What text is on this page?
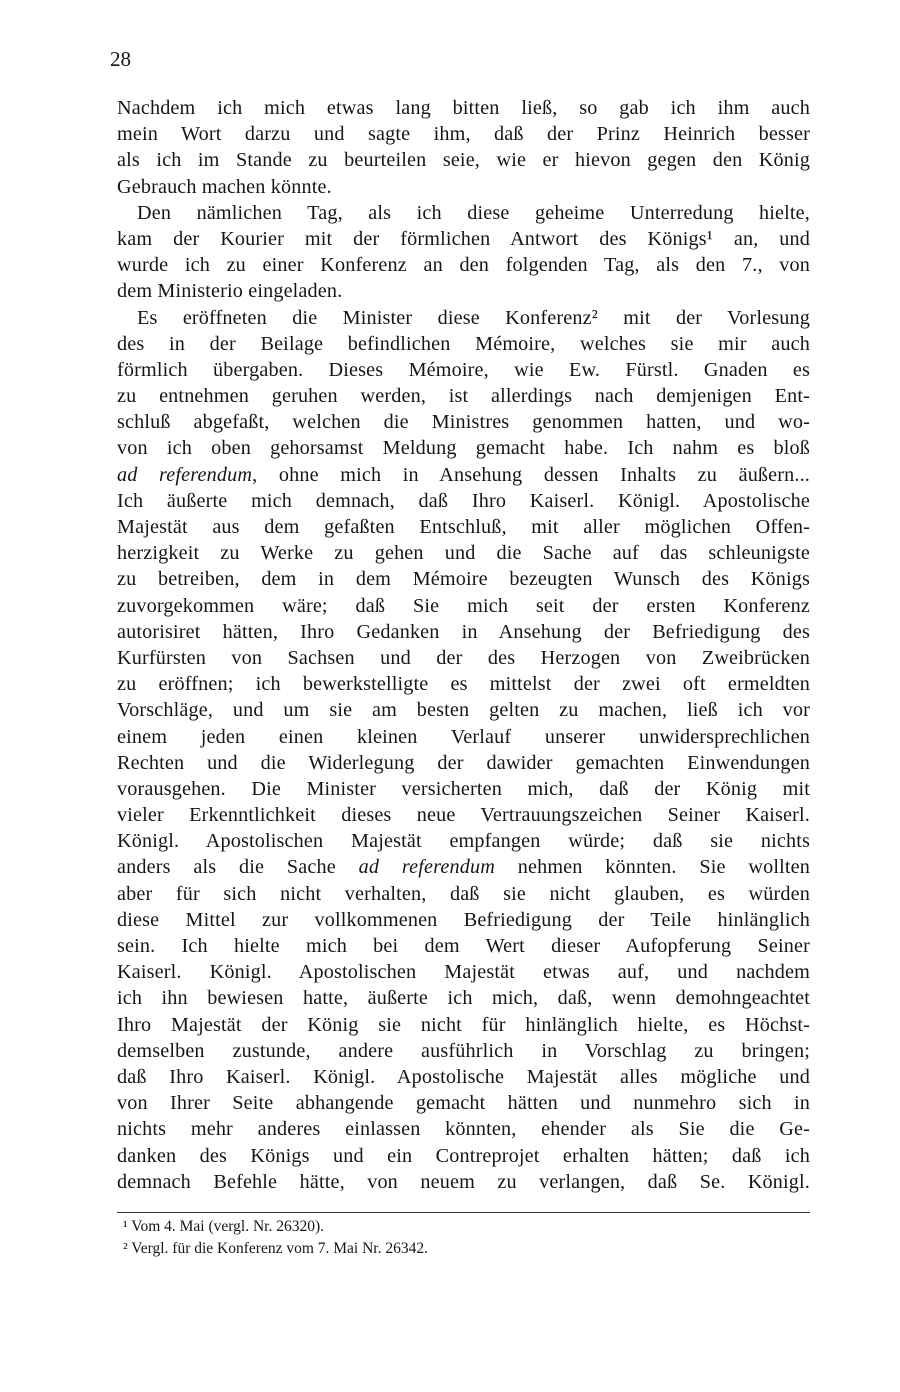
28
Nachdem ich mich etwas lang bitten ließ, so gab ich ihm auch
mein Wort darzu und sagte ihm, daß der Prinz Heinrich besser
als ich im Stande zu beurteilen seie, wie er hievon gegen den König
Gebrauch machen könnte.
Den nämlichen Tag, als ich diese geheime Unterredung hielte,
kam der Kourier mit der förmlichen Antwort des Königs¹ an, und
wurde ich zu einer Konferenz an den folgenden Tag, als den 7., von
dem Ministerio eingeladen.
Es eröffneten die Minister diese Konferenz² mit der Vorlesung
des in der Beilage befindlichen Mémoire, welches sie mir auch
förmlich übergaben. Dieses Mémoire, wie Ew. Fürstl. Gnaden es
zu entnehmen geruhen werden, ist allerdings nach demjenigen Ent-
schluß abgefaßt, welchen die Ministres genommen hatten, und wo-
von ich oben gehorsamst Meldung gemacht habe. Ich nahm es bloß
ad referendum, ohne mich in Ansehung dessen Inhalts zu äußern...
Ich äußerte mich demnach, daß Ihro Kaiserl. Königl. Apostolische
Majestät aus dem gefaßten Entschluß, mit aller möglichen Offen-
herzigkeit zu Werke zu gehen und die Sache auf das schleunigste
zu betreiben, dem in dem Mémoire bezeugten Wunsch des Königs
zuvorgekommen wäre; daß Sie mich seit der ersten Konferenz
autorisiret hätten, Ihro Gedanken in Ansehung der Befriedigung des
Kurfürsten von Sachsen und der des Herzogen von Zweibrücken
zu eröffnen; ich bewerkstelligte es mittelst der zwei oft ermeldten
Vorschläge, und um sie am besten gelten zu machen, ließ ich vor
einem jeden einen kleinen Verlauf unserer unwidersprechlichen
Rechten und die Widerlegung der dawider gemachten Einwendungen
vorausgehen. Die Minister versicherten mich, daß der König mit
vieler Erkenntlichkeit dieses neue Vertrauungszeichen Seiner Kaiserl.
Königl. Apostolischen Majestät empfangen würde; daß sie nichts
anders als die Sache ad referendum nehmen könnten. Sie wollten
aber für sich nicht verhalten, daß sie nicht glauben, es würden
diese Mittel zur vollkommenen Befriedigung der Teile hinlänglich
sein. Ich hielte mich bei dem Wert dieser Aufopferung Seiner
Kaiserl. Königl. Apostolischen Majestät etwas auf, und nachdem
ich ihn bewiesen hatte, äußerte ich mich, daß, wenn demohngeachtet
Ihro Majestät der König sie nicht für hinlänglich hielte, es Höchst-
demselben zustunde, andere ausführlich in Vorschlag zu bringen;
daß Ihro Kaiserl. Königl. Apostolische Majestät alles mögliche und
von Ihrer Seite abhangende gemacht hätten und nunmehro sich in
nichts mehr anderes einlassen könnten, ehender als Sie die Ge-
danken des Königs und ein Contreprojet erhalten hätten; daß ich
demnach Befehle hätte, von neuem zu verlangen, daß Se. Königl.
¹ Vom 4. Mai (vergl. Nr. 26320).
² Vergl. für die Konferenz vom 7. Mai Nr. 26342.
